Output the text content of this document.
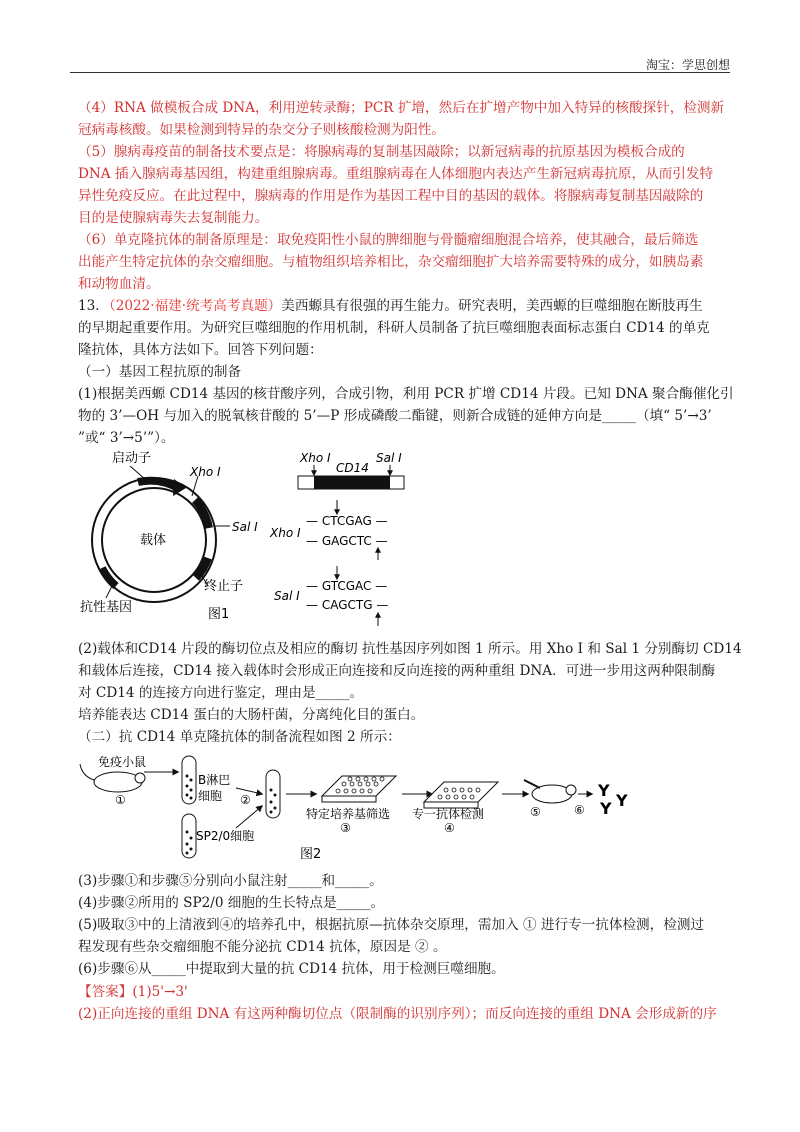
淘宝：学思创想
（4）RNA 做模板合成 DNA，利用逆转录酶；PCR 扩增，然后在扩增产物中加入特异的核酸探针，检测新
冠病毒核酸。如果检测到特异的杂交分子则核酸检测为阳性。
（5）腺病毒疫苗的制备技术要点是：将腺病毒的复制基因敲除；以新冠病毒的抗原基因为模板合成的
DNA 插入腺病毒基因组，构建重组腺病毒。重组腺病毒在人体细胞内表达产生新冠病毒抗原，从而引发特
异性免疫反应。在此过程中，腺病毒的作用是作为基因工程中目的基因的载体。将腺病毒复制基因敲除的
目的是使腺病毒失去复制能力。
（6）单克隆抗体的制备原理是：取免疫阳性小鼠的脾细胞与骨髓瘤细胞混合培养，使其融合，最后筛选
出能产生特定抗体的杂交瘤细胞。与植物组织培养相比，杂交瘤细胞扩大培养需要特殊的成分，如胰岛素
和动物血清。
13．（2022·福建·统考高考真题）美西螈具有很强的再生能力。研究表明，美西螈的巨噬细胞在断肢再生
的早期起重要作用。为研究巨噬细胞的作用机制，科研人员制备了抗巨噬细胞表面标志蛋白 CD14 的单克
隆抗体，具体方法如下。回答下列问题：
（一）基因工程抗原的制备
(1)根据美西螈 CD14 基因的核苷酸序列，合成引物，利用 PCR 扩增 CD14 片段。已知 DNA 聚合酶催化引
物的 3’—OH 与加入的脱氧核苷酸的 5’—P 形成磷酸二酯键，则新合成链的延伸方向是_____（填“ 5’→3’
”或“ 3’→5’”）。
启动子
Xho I
Sal I
载体
终止子
抗性基因	图1
Xho I	Sal I
CD14
— CTCGAG —
Xho I
— GAGCTC —
— GTCGAC —
Sal I
— CAGCTG —
(2)载体和CD14 片段的酶切位点及相应的酶切 抗性基因序列如图 1 所示。用 Xho I 和 Sal 1 分别酶切 CD14
和载体后连接，CD14 接入载体时会形成正向连接和反向连接的两种重组 DNA．可进一步用这两种限制酶
对 CD14 的连接方向进行鉴定，理由是_____。
培养能表达 CD14 蛋白的大肠杆菌，分离纯化目的蛋白。
（二）抗 CD14 单克隆抗体的制备流程如图 2 所示：
免疫小鼠
①
B淋巴
细胞 ②
SP2/0细胞
特定培养基筛选
③
专一抗体检测
④
⑤	⑥
Y
Y Y
图2
(3)步骤①和步骤⑤分别向小鼠注射_____和_____。
(4)步骤②所用的 SP2/0 细胞的生长特点是_____。
(5)吸取③中的上清液到④的培养孔中，根据抗原—抗体杂交原理，需加入 ① 进行专一抗体检测，检测过
程发现有些杂交瘤细胞不能分泌抗 CD14 抗体，原因是 ② 。
(6)步骤⑥从_____中提取到大量的抗 CD14 抗体，用于检测巨噬细胞。
【答案】(1)5'→3'
(2)正向连接的重组 DNA 有这两种酶切位点（限制酶的识别序列）；而反向连接的重组 DNA 会形成新的序
